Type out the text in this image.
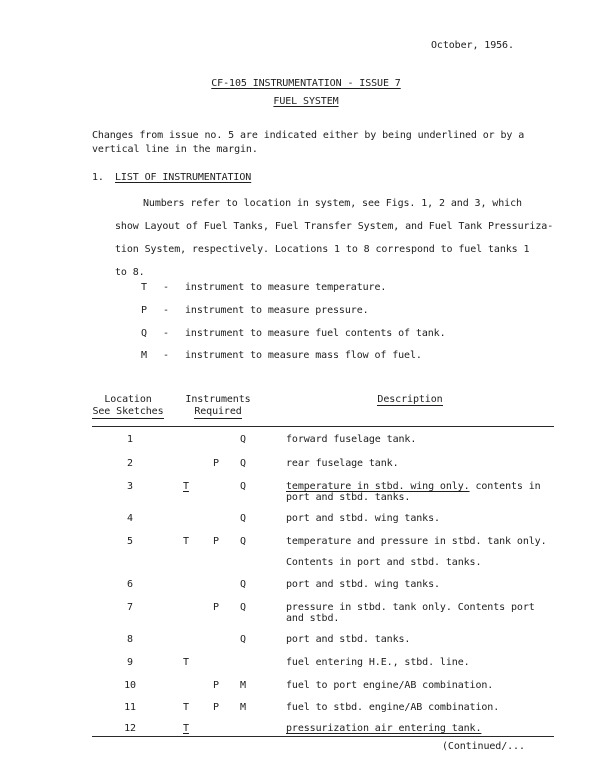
October, 1956.
CF-105 INSTRUMENTATION - ISSUE 7
FUEL SYSTEM
Changes from issue no. 5 are indicated either by being underlined or by a vertical line in the margin.
1. LIST OF INSTRUMENTATION
Numbers refer to location in system, see Figs. 1, 2 and 3, which
show Layout of Fuel Tanks, Fuel Transfer System, and Fuel Tank Pressuriza-
tion System, respectively. Locations 1 to 8 correspond to fuel tanks 1
to 8.
T - instrument to measure temperature.
P - instrument to measure pressure.
Q - instrument to measure fuel contents of tank.
M - instrument to measure mass flow of fuel.
Location
See Sketches
Instruments
Required
Description
1	Q	forward fuselage tank.
2	P Q	rear fuselage tank.
3	T	Q	temperature in stbd. wing only. contents in port and stbd. tanks.
4	Q	port and stbd. wing tanks.
5	T P Q	temperature and pressure in stbd. tank only.
Contents in port and stbd. tanks.
6	Q	port and stbd. wing tanks.
7	P Q	pressure in stbd. tank only. Contents port and stbd.
8	Q	port and stbd. tanks.
9	T	fuel entering H.E., stbd. line.
10	P M	fuel to port engine/AB combination.
11	T P M	fuel to stbd. engine/AB combination.
12	T	pressurization air entering tank.
(Continued/...
